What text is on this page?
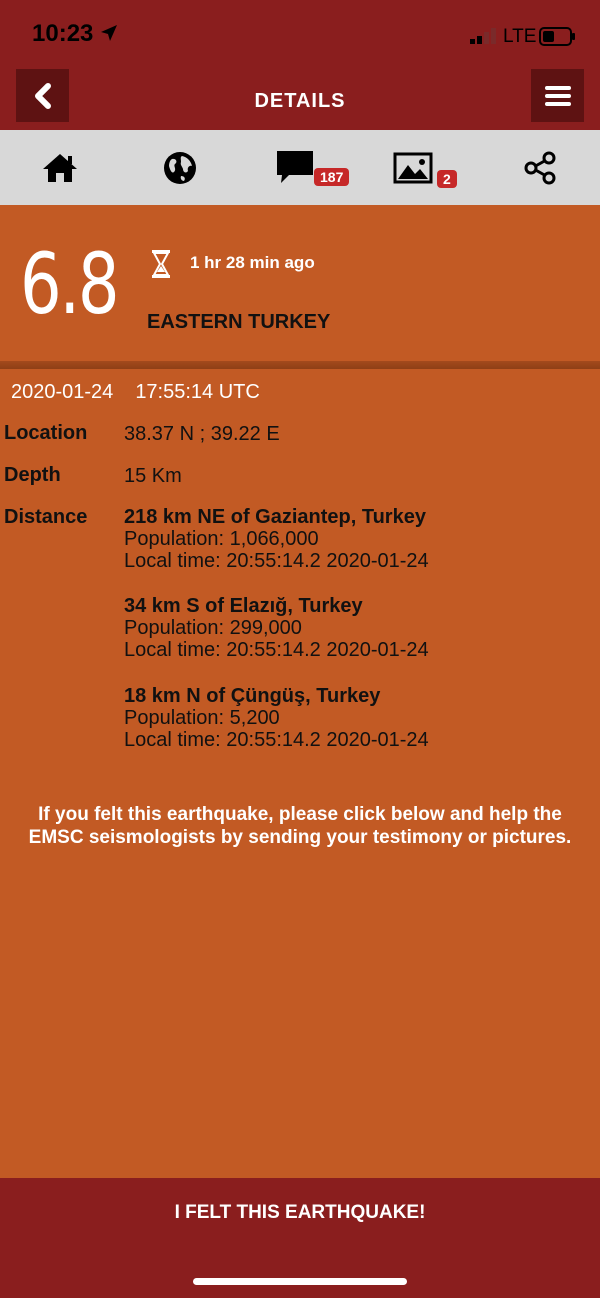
10:23	LTE
DETAILS
187	2
6.8	1 hr 28 min ago
EASTERN TURKEY
2020-01-24 17:55:14 UTC
Location 38.37 N ; 39.22 E
Depth	15 Km
Distance 218 km NE of Gaziantep, Turkey
Population: 1,066,000
Local time: 20:55:14.2 2020-01-24
34 km S of Elazığ, Turkey
Population: 299,000
Local time: 20:55:14.2 2020-01-24
18 km N of Çüngüş, Turkey
Population: 5,200
Local time: 20:55:14.2 2020-01-24
If you felt this earthquake, please click below and help the
EMSC seismologists by sending your testimony or pictures.
I FELT THIS EARTHQUAKE!
